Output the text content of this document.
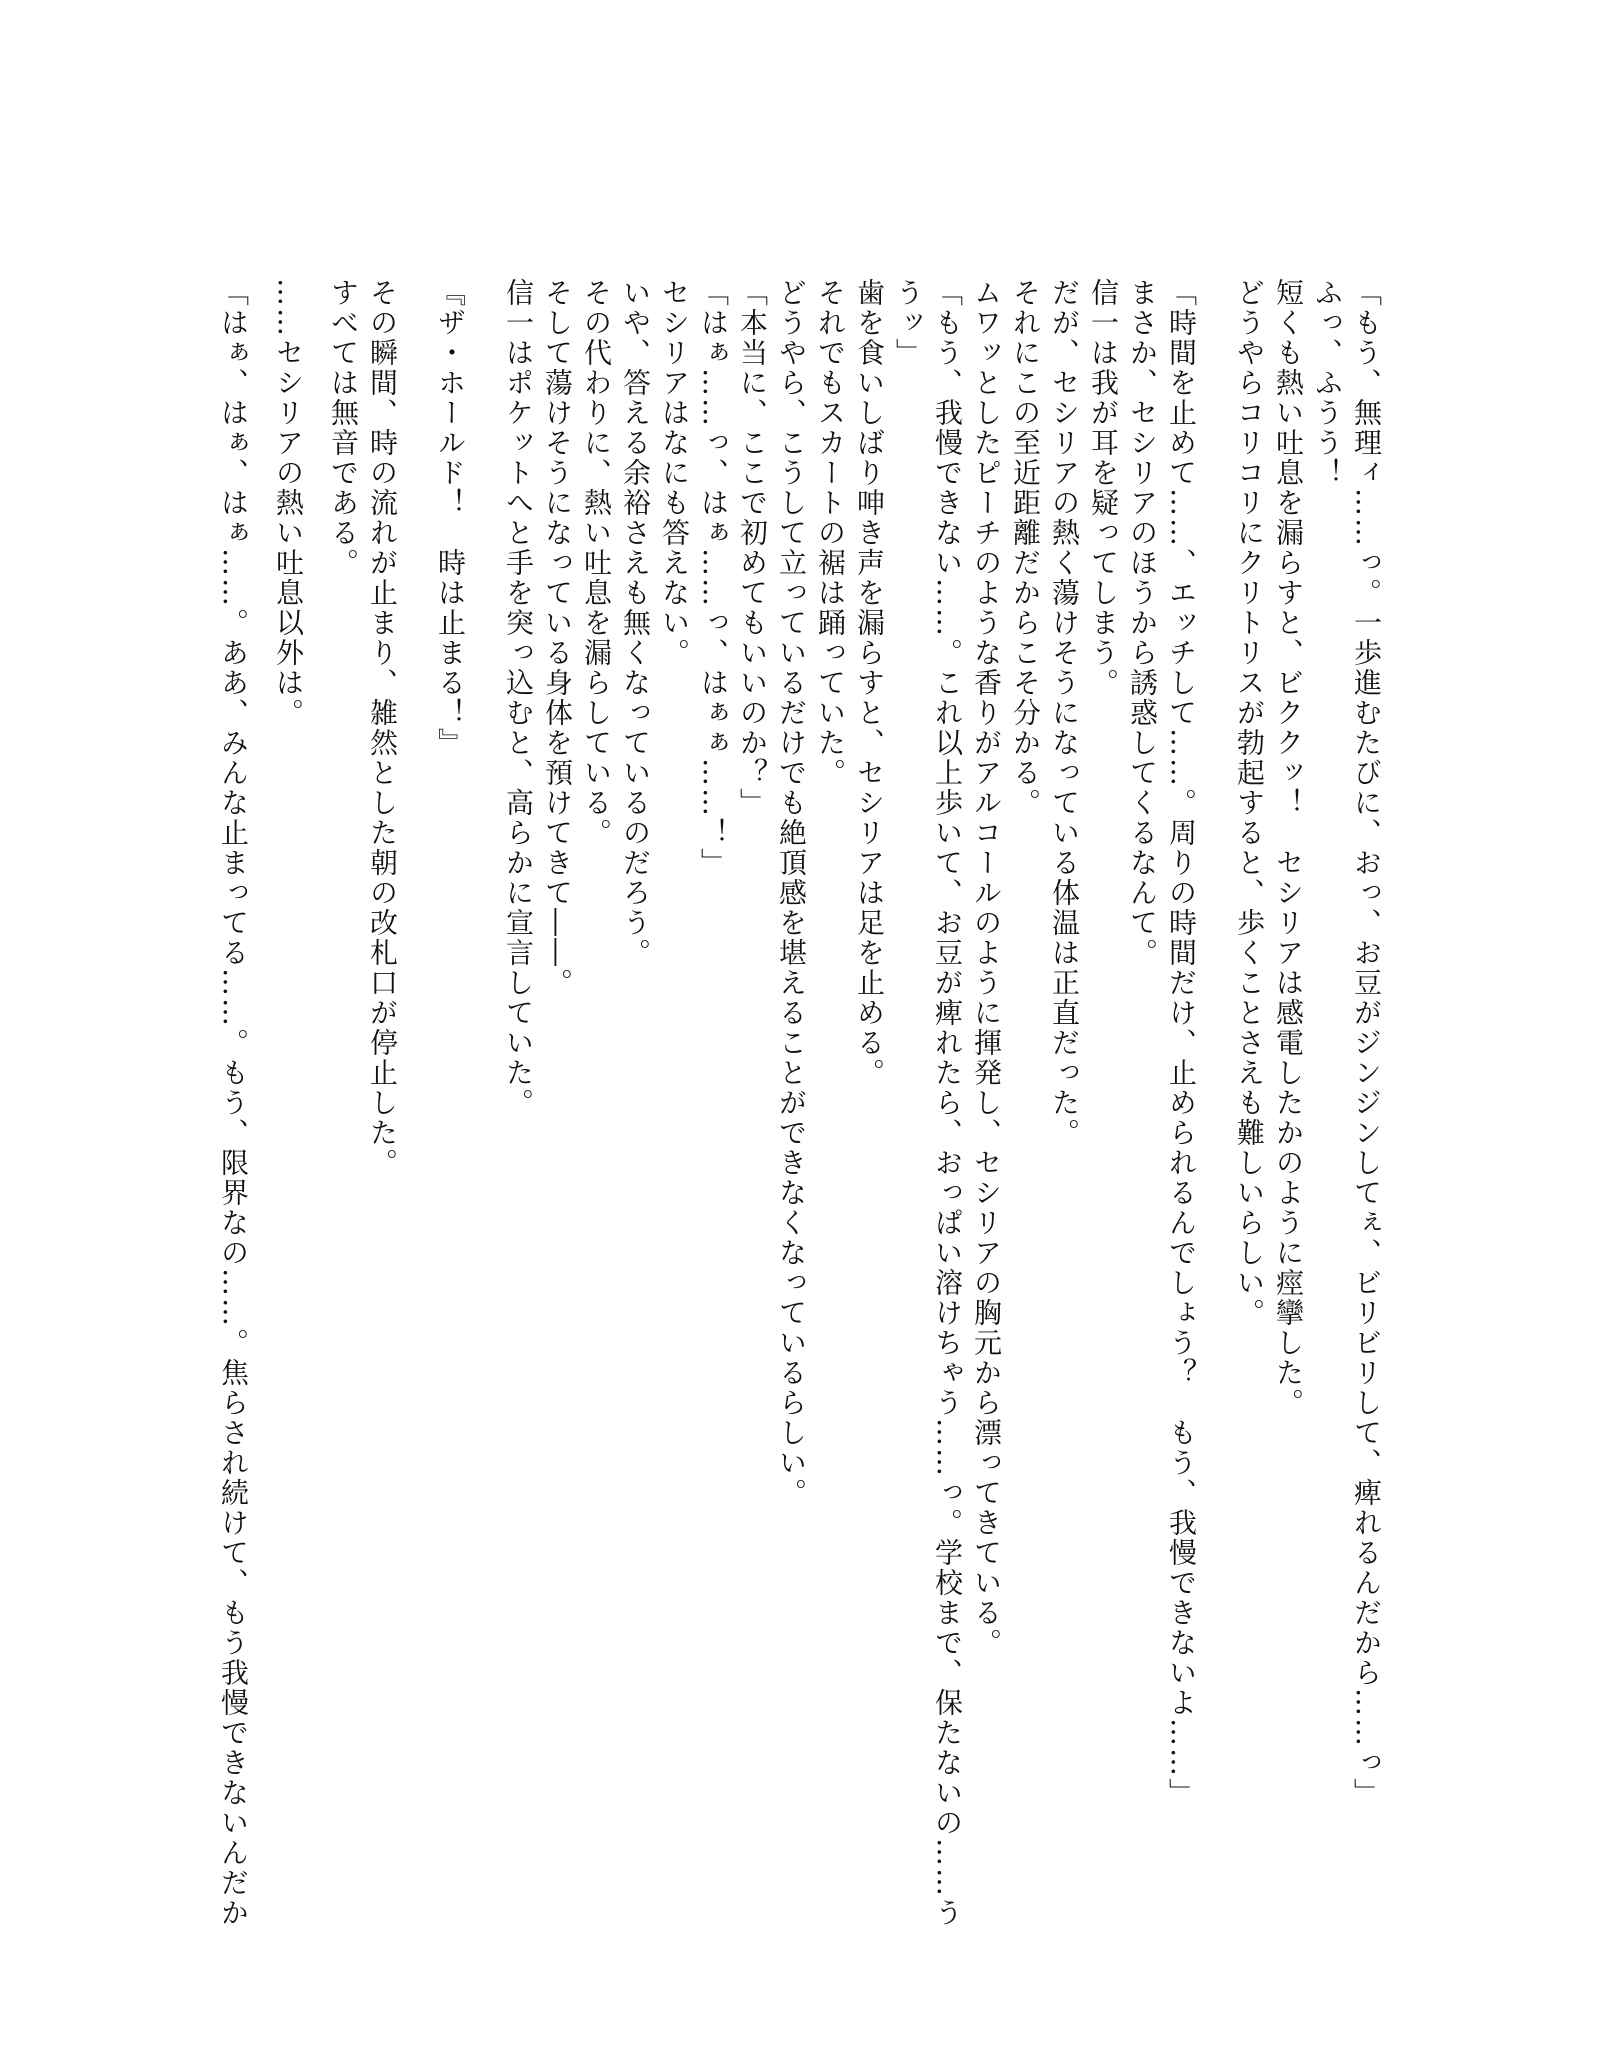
「もう、無理ィ……っ。一歩進むたびに、おっ、お豆がジンジンしてぇ、ビリビリして、痺れるんだから……っ」

ふっ、ふうう！

短くも熱い吐息を漏らすと、ビククッ！　セシリアは感電したかのように痙攣した。

どうやらコリコリにクリトリスが勃起すると、歩くことさえも難しいらしい。

「時間を止めて……、エッチして……。周りの時間だけ、止められるんでしょう？　もう、我慢できないよ……」

まさか、セシリアのほうから誘惑してくるなんて。

信一は我が耳を疑ってしまう。

だが、セシリアの熱く蕩けそうになっている体温は正直だった。

それにこの至近距離だからこそ分かる。

ムワッとしたピーチのような香りがアルコールのように揮発し、セシリアの胸元から漂ってきている。

「もう、我慢できない……。これ以上歩いて、お豆が痺れたら、おっぱい溶けちゃう……っ。学校まで、保たないの……ううッ」

歯を食いしばり呻き声を漏らすと、セシリアは足を止める。

それでもスカートの裾は踊っていた。

どうやら、こうして立っているだけでも絶頂感を堪えることができなくなっているらしい。

「本当に、ここで初めてもいいのか？」

「はぁ……っ、はぁ……っ、はぁぁ……！」

セシリアはなにも答えない。

いや、答える余裕さえも無くなっているのだろう。

その代わりに、熱い吐息を漏らしている。

そして蕩けそうになっている身体を預けてきて――。

信一はポケットへと手を突っ込むと、高らかに宣言していた。

『ザ・ホールド！　時は止まる！』

その瞬間、時の流れが止まり、雑然とした朝の改札口が停止した。

すべては無音である。

……セシリアの熱い吐息以外は。

「はぁ、はぁ、はぁ……。ああ、みんな止まってる……。もう、限界なの……。焦らされ続けて、もう我慢できないんだか
